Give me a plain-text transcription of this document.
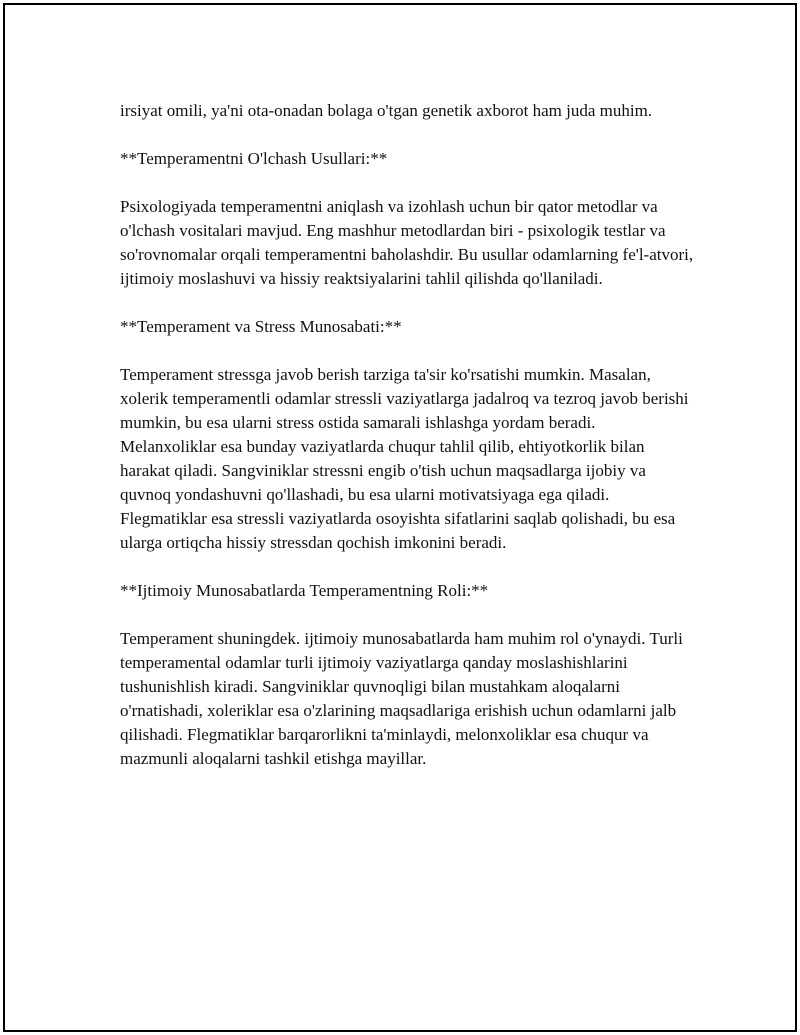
irsiyat omili, ya'ni ota-onadan bolaga o'tgan genetik axborot ham juda muhim.

**Temperamentni O'lchash Usullari:**

Psixologiyada temperamentni aniqlash va izohlash uchun bir qator metodlar va o'lchash vositalari mavjud. Eng mashhur metodlardan biri - psixologik testlar va so'rovnomalar orqali temperamentni baholashdir. Bu usullar odamlarning fe'l-atvori, ijtimoiy moslashuvi va hissiy reaktsiyalarini tahlil qilishda qo'llaniladi.

**Temperament va Stress Munosabati:**

Temperament stressga javob berish tarziga ta'sir ko'rsatishi mumkin. Masalan, xolerik temperamentli odamlar stressli vaziyatlarga jadalroq va tezroq javob berishi mumkin, bu esa ularni stress ostida samarali ishlashga yordam beradi. Melanxoliklar esa bunday vaziyatlarda chuqur tahlil qilib, ehtiyotkorlik bilan harakat qiladi. Sangviniklar stressni engib o'tish uchun maqsadlarga ijobiy va quvnoq yondashuvni qo'llashadi, bu esa ularni motivatsiyaga ega qiladi. Flegmatiklar esa stressli vaziyatlarda osoyishta sifatlarini saqlab qolishadi, bu esa ularga ortiqcha hissiy stressdan qochish imkonini beradi.

**Ijtimoiy Munosabatlarda Temperamentning Roli:**

Temperament shuningdek. ijtimoiy munosabatlarda ham muhim rol o'ynaydi. Turli temperamental odamlar turli ijtimoiy vaziyatlarga qanday moslashishlarini tushunishlish kiradi. Sangviniklar quvnoqligi bilan mustahkam aloqalarni o'rnatishadi, xoleriklar esa o'zlarining maqsadlariga erishish uchun odamlarni jalb qilishadi. Flegmatiklar barqarorlikni ta'minlaydi, melonxoliklar esa chuqur va mazmunli aloqalarni tashkil etishga mayillar.
